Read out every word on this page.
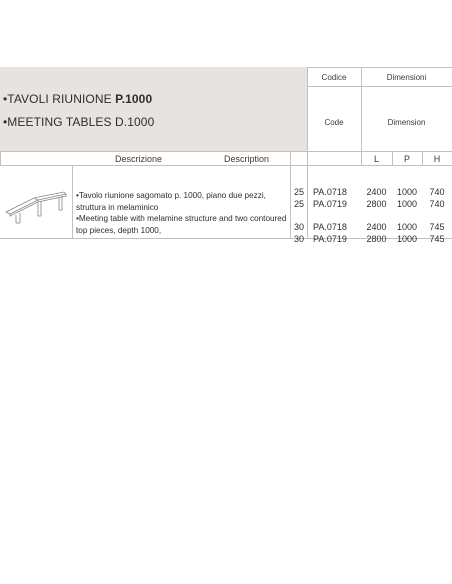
•TAVOLI RIUNIONE P.1000
•MEETING TABLES D.1000
Codice	Dimensioni
Code	Dimension
Descrizione	Description	L	P	H
•Tavolo riunione sagomato p. 1000, piano due pezzi, struttura in melaminico
•Meeting table with melamine structure and two contoured top pieces, depth 1000,
25 PA.0718	2400	1000	740
25 PA.0719	2800	1000	740
30 PA.0718	2400	1000	745
30 PA.0719	2800	1000	745
